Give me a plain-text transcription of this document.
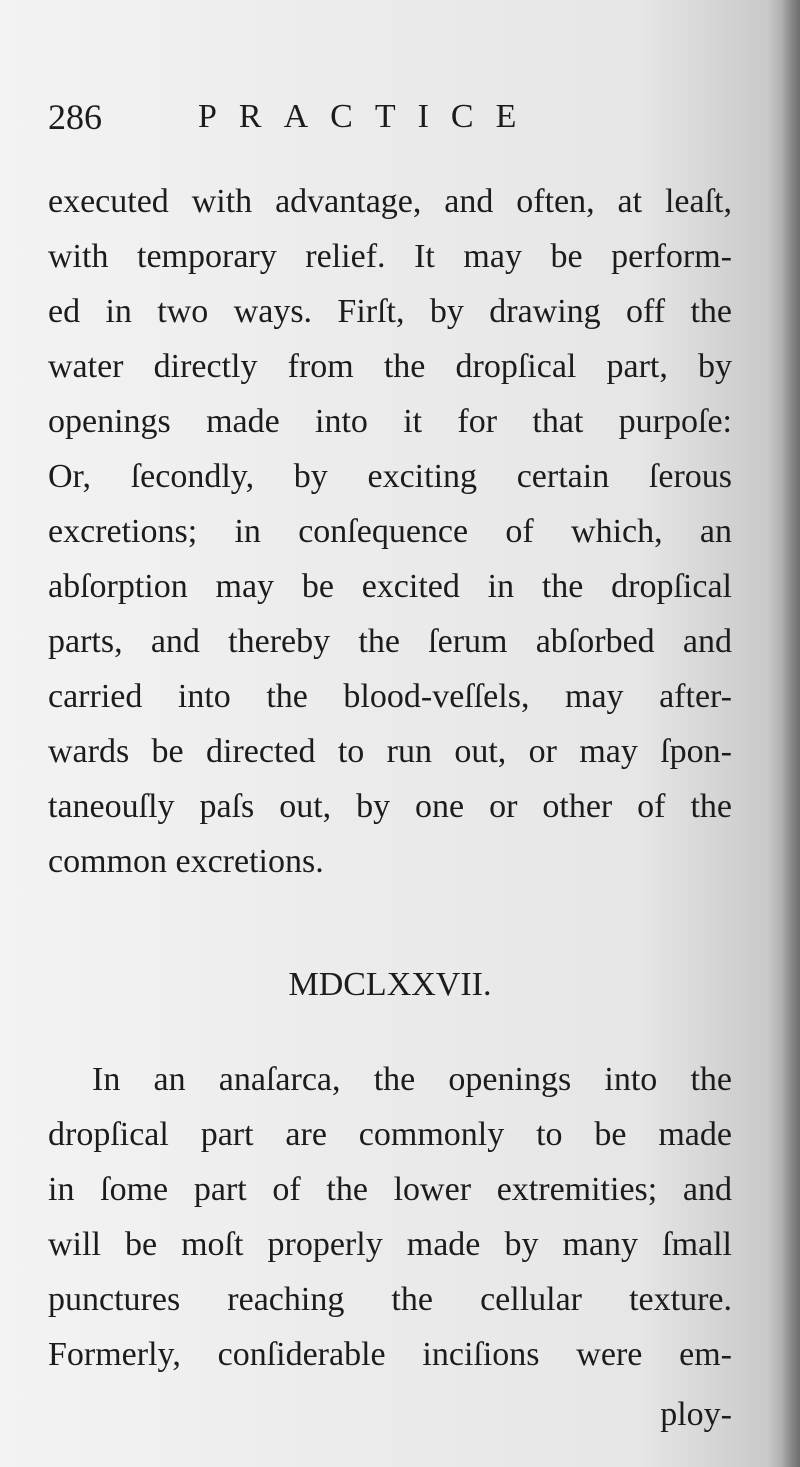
286	PRACTICE
executed with advantage, and often, at leaſt,
with temporary relief. It may be perform-
ed in two ways. Firſt, by drawing off the
water directly from the dropſical part, by
openings made into it for that purpoſe:
Or, ſecondly, by exciting certain ſerous
excretions; in conſequence of which, an
abſorption may be excited in the dropſical
parts, and thereby the ſerum abſorbed and
carried into the blood-veſſels, may after-
wards be directed to run out, or may ſpon-
taneouſly paſs out, by one or other of the
common excretions.
MDCLXXVII.
In an anaſarca, the openings into the
dropſical part are commonly to be made
in ſome part of the lower extremities; and
will be moſt properly made by many ſmall
punctures reaching the cellular texture.
Formerly, conſiderable inciſions were em-
ploy-
